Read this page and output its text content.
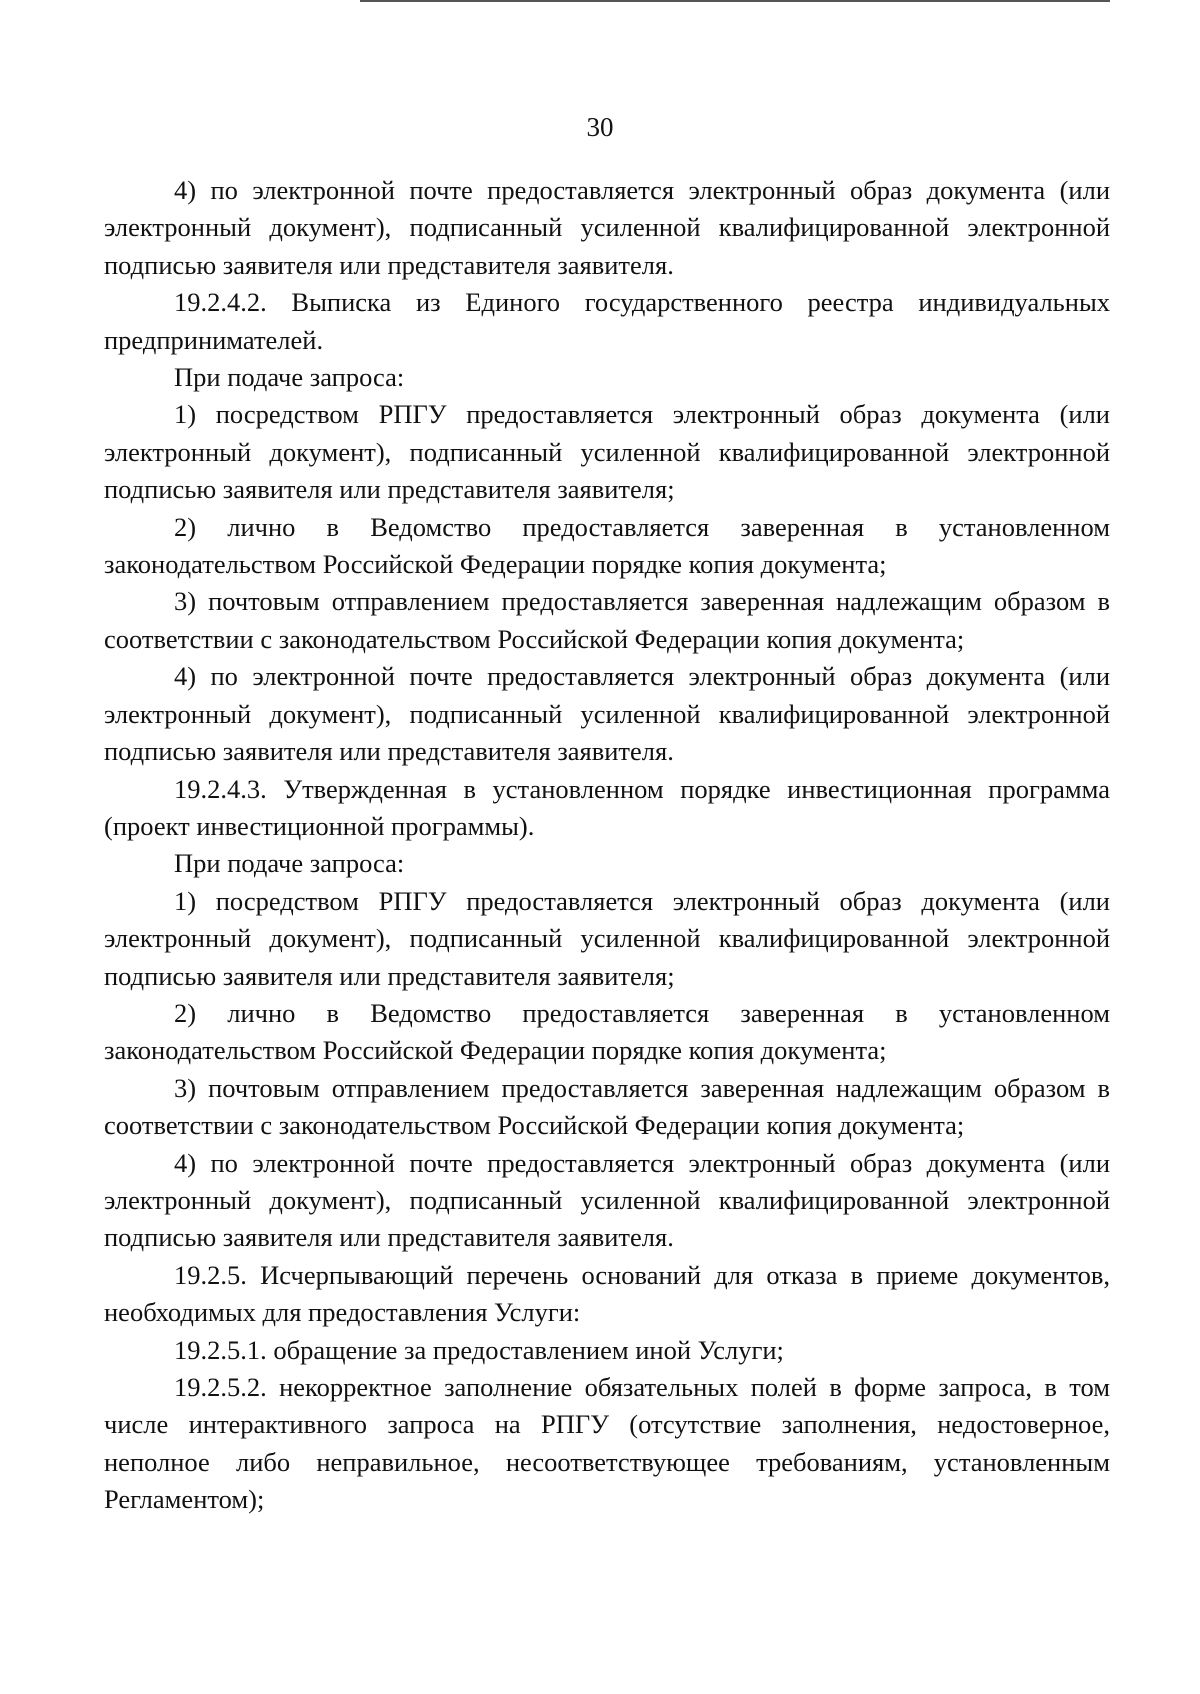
30

4) по электронной почте предоставляется электронный образ документа (или электронный документ), подписанный усиленной квалифицированной электронной подписью заявителя или представителя заявителя.

19.2.4.2. Выписка из Единого государственного реестра индивидуальных предпринимателей.

При подаче запроса:

1) посредством РПГУ предоставляется электронный образ документа (или электронный документ), подписанный усиленной квалифицированной электронной подписью заявителя или представителя заявителя;

2) лично в Ведомство предоставляется заверенная в установленном законодательством Российской Федерации порядке копия документа;

3) почтовым отправлением предоставляется заверенная надлежащим образом в соответствии с законодательством Российской Федерации копия документа;

4) по электронной почте предоставляется электронный образ документа (или электронный документ), подписанный усиленной квалифицированной электронной подписью заявителя или представителя заявителя.

19.2.4.3. Утвержденная в установленном порядке инвестиционная программа (проект инвестиционной программы).

При подаче запроса:

1) посредством РПГУ предоставляется электронный образ документа (или электронный документ), подписанный усиленной квалифицированной электронной подписью заявителя или представителя заявителя;

2) лично в Ведомство предоставляется заверенная в установленном законодательством Российской Федерации порядке копия документа;

3) почтовым отправлением предоставляется заверенная надлежащим образом в соответствии с законодательством Российской Федерации копия документа;

4) по электронной почте предоставляется электронный образ документа (или электронный документ), подписанный усиленной квалифицированной электронной подписью заявителя или представителя заявителя.

19.2.5. Исчерпывающий перечень оснований для отказа в приеме документов, необходимых для предоставления Услуги:

19.2.5.1. обращение за предоставлением иной Услуги;

19.2.5.2. некорректное заполнение обязательных полей в форме запроса, в том числе интерактивного запроса на РПГУ (отсутствие заполнения, недостоверное, неполное либо неправильное, несоответствующее требованиям, установленным Регламентом);
